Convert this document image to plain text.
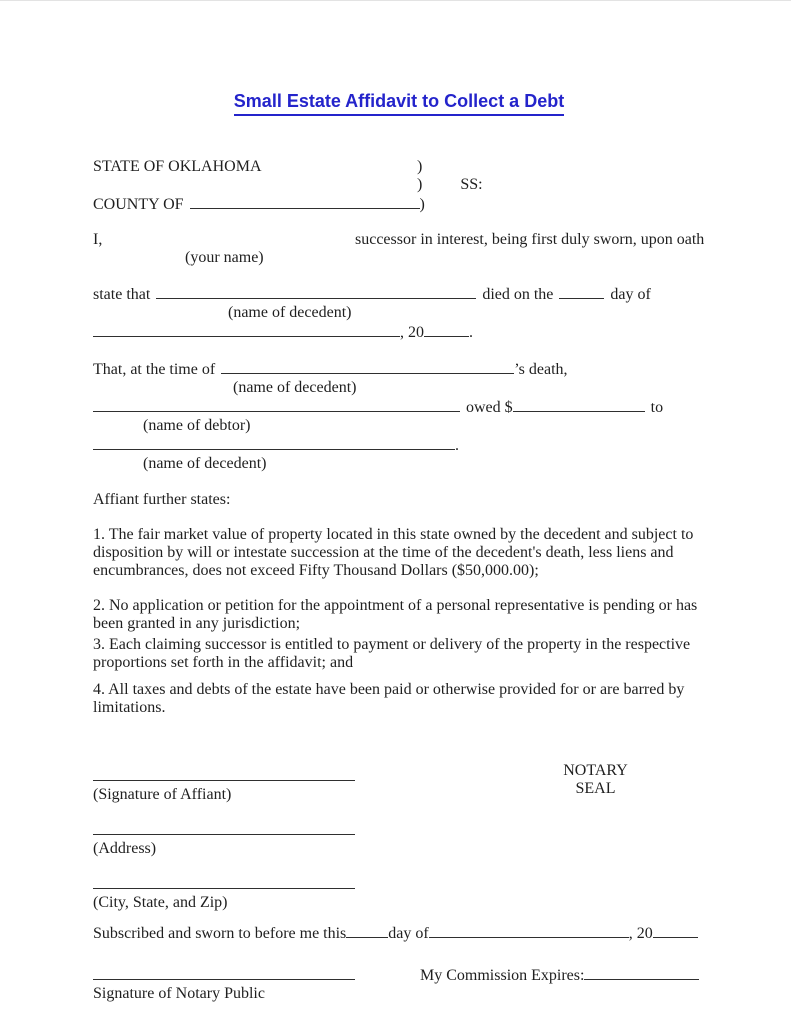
Small Estate Affidavit to Collect a Debt
STATE OF OKLAHOMA	)
) SS:
COUNTY OF	)
I,	successor in interest, being first duly sworn, upon oath
(your name)
state that	died on the	day of
(name of decedent)
, 20	.
That, at the time of	’s death,
(name of decedent)
owed $	to
(name of debtor)
.
(name of decedent)
Affiant further states:

1. The fair market value of property located in this state owned by the decedent and subject to disposition by will or intestate succession at the time of the decedent's death, less liens and encumbrances, does not exceed Fifty Thousand Dollars ($50,000.00);

2. No application or petition for the appointment of a personal representative is pending or has been granted in any jurisdiction;

3. Each claiming successor is entitled to payment or delivery of the property in the respective proportions set forth in the affidavit; and

4. All taxes and debts of the estate have been paid or otherwise provided for or are barred by limitations.

NOTARY
SEAL
(Signature of Affiant)
(Address)
(City, State, and Zip)
Subscribed and sworn to before me this	day of	, 20
My Commission Expires:
Signature of Notary Public
